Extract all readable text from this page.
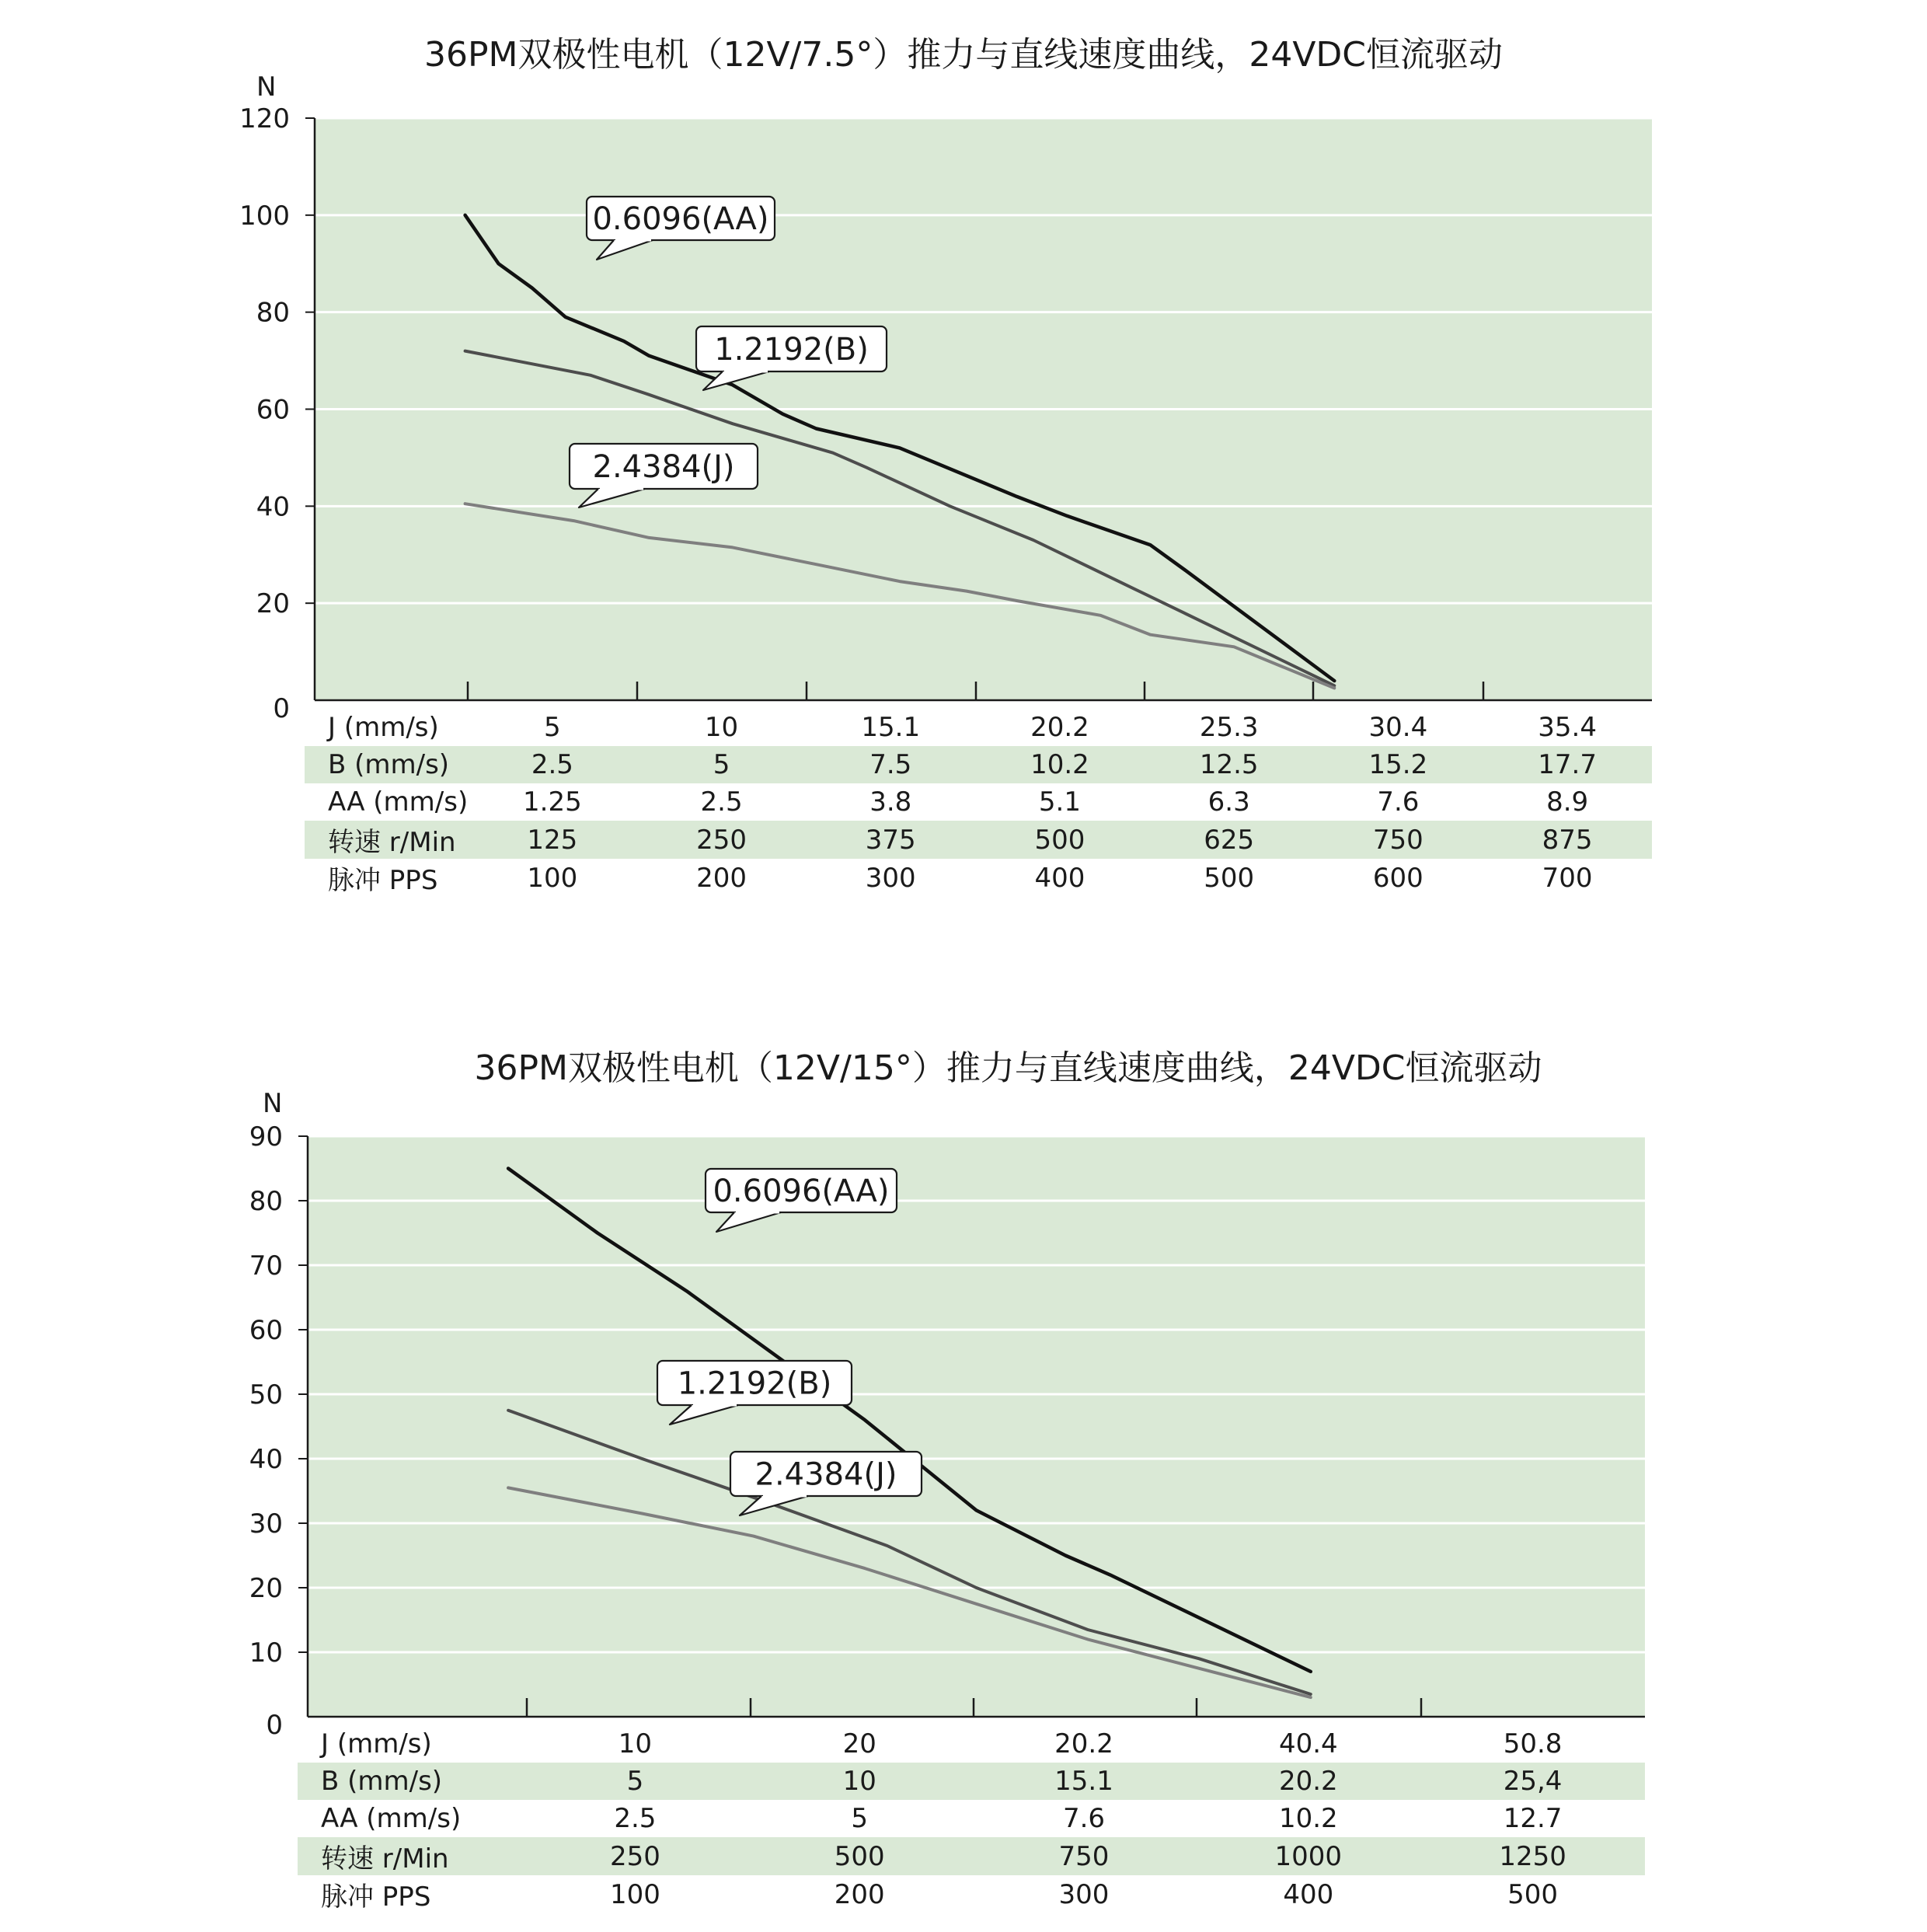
36PM双极性电机（12V/7.5°）推力与直线速度曲线，24VDC恒流驱动
N
0
20
40
60
80
100
120
0.6096(AA)
1.2192(B)
2.4384(J)
J (mm/s)	5	10	15.1	20.2	25.3	30.4	35.4
B (mm/s)	2.5	5	7.5	10.2	12.5	15.2	17.7
AA (mm/s)	1.25	2.5	3.8	5.1	6.3	7.6	8.9
转速 r/Min	125	250	375	500	625	750	875
脉冲 PPS	100	200	300	400	500	600	700
36PM双极性电机（12V/15°）推力与直线速度曲线，24VDC恒流驱动
N
0
10
20
30
40
50
60
70
80
90
0.6096(AA)
1.2192(B)
2.4384(J)
J (mm/s)	10	20	20.2	40.4	50.8
B (mm/s)	5	10	15.1	20.2	25,4
AA (mm/s)	2.5	5	7.6	10.2	12.7
转速 r/Min	250	500	750	1000	1250
脉冲 PPS	100	200	300	400	500
